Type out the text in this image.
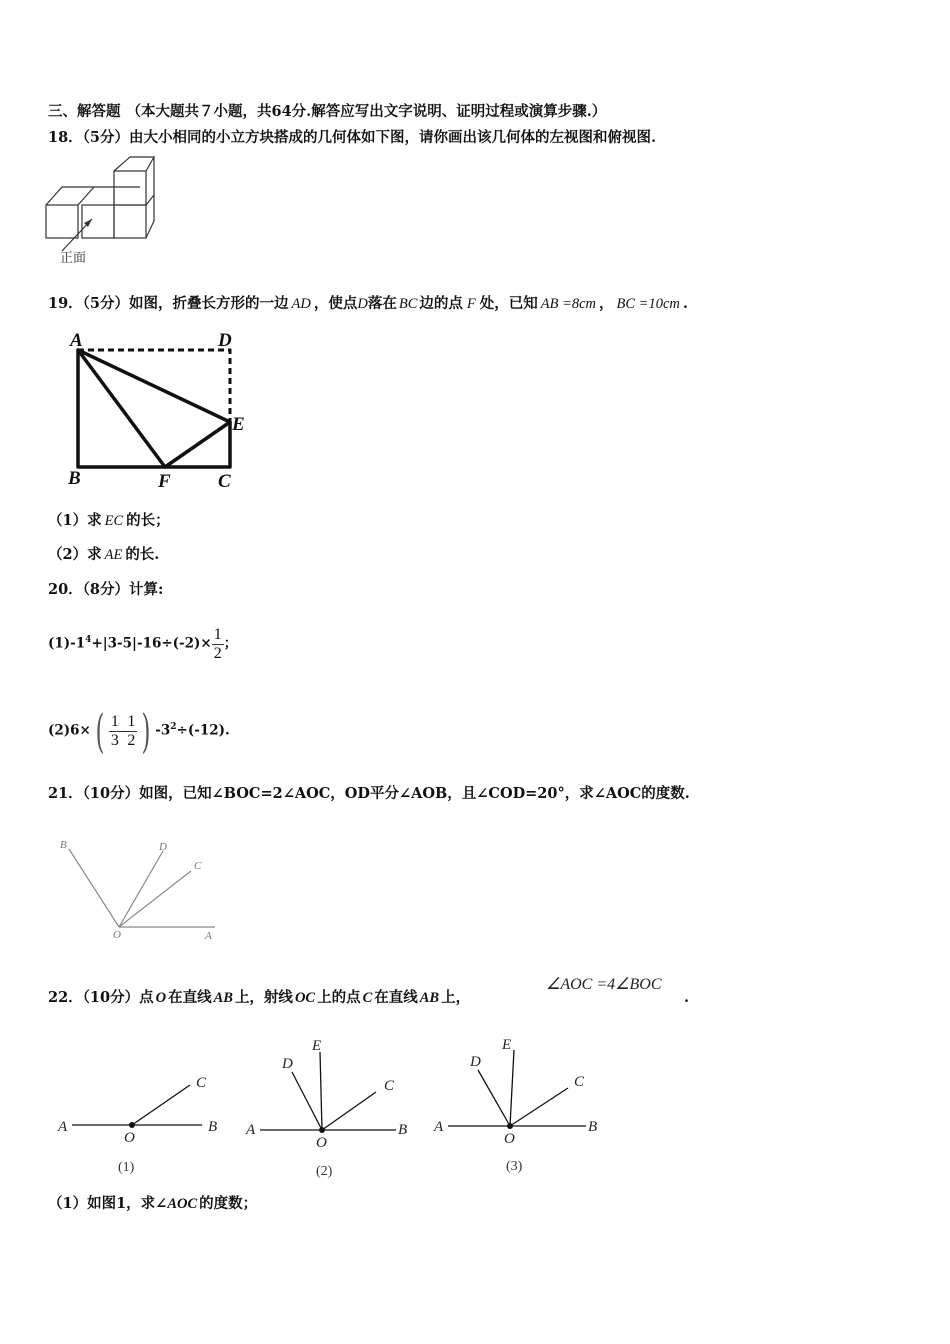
三、解答题 （本大题共７小题，共64分.解答应写出文字说明、证明过程或演算步骤.）
18．（5分）由大小相同的小立方块搭成的几何体如下图，请你画出该几何体的左视图和俯视图.
正面
19．（5分）如图，折叠长方形的一边 AD ，使点D落在 BC 边的点 F 处，已知 AB =8cm ， BC =10cm .
A	D
E
B	F C
（1）求 EC 的长；
（2）求 AE 的长.
20．（8分）计算:
$(1)-1^4+|3-5|-16\div(-2)\times \frac{1}{2}$ ；
$(2)6\times( \frac{1}{3} - \frac{1}{2}$ ) $-3^2\div(-12)$.
21．（10分）如图，已知∠BOC=2∠AOC，OD平分∠AOB，且∠COD=20°，求∠AOC的度数.
B	D
C
O	A
22．（10分）点 O 在直线 AB 上，射线 OC 上的点 C 在直线 AB 上，
∠AOC =4∠BOC
.
A	B
C
O
(1)
A	B
C
D
E
O
(2)
A	B
C
D
E
O
(3)
（1）如图1，求∠AOC 的度数；
